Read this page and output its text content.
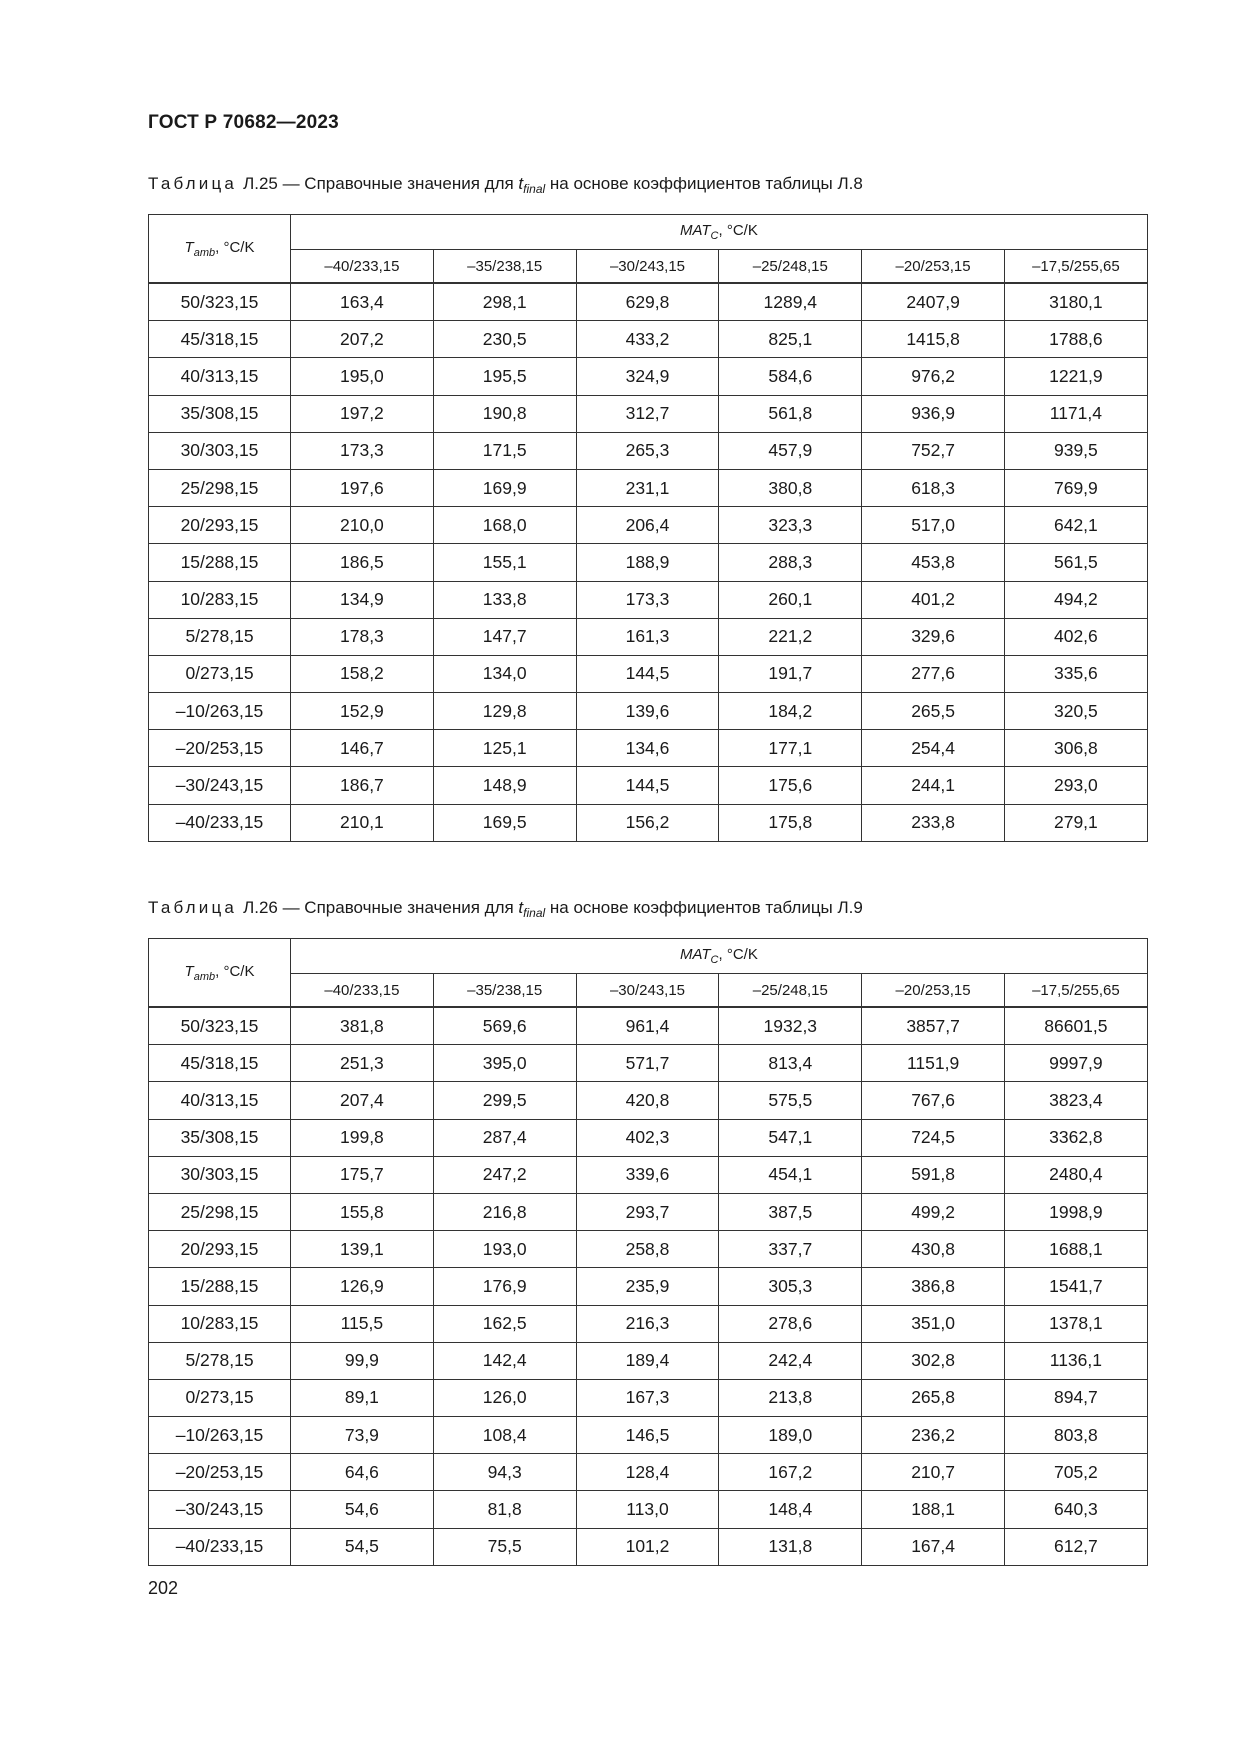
ГОСТ Р 70682—2023
Таблица Л.25 — Справочные значения для $t_{final}$ на основе коэффициентов таблицы Л.8
$T_{amb}$, °C/K	$MAT_C$, °C/K					
	–40/233,15	–35/238,15	–30/243,15	–25/248,15	–20/253,15	–17,5/255,65
50/323,15	163,4	298,1	629,8	1289,4	2407,9	3180,1
45/318,15	207,2	230,5	433,2	825,1	1415,8	1788,6
40/313,15	195,0	195,5	324,9	584,6	976,2	1221,9
35/308,15	197,2	190,8	312,7	561,8	936,9	1171,4
30/303,15	173,3	171,5	265,3	457,9	752,7	939,5
25/298,15	197,6	169,9	231,1	380,8	618,3	769,9
20/293,15	210,0	168,0	206,4	323,3	517,0	642,1
15/288,15	186,5	155,1	188,9	288,3	453,8	561,5
10/283,15	134,9	133,8	173,3	260,1	401,2	494,2
5/278,15	178,3	147,7	161,3	221,2	329,6	402,6
0/273,15	158,2	134,0	144,5	191,7	277,6	335,6
–10/263,15	152,9	129,8	139,6	184,2	265,5	320,5
–20/253,15	146,7	125,1	134,6	177,1	254,4	306,8
–30/243,15	186,7	148,9	144,5	175,6	244,1	293,0
–40/233,15	210,1	169,5	156,2	175,8	233,8	279,1
Таблица Л.26 — Справочные значения для $t_{final}$ на основе коэффициентов таблицы Л.9
$T_{amb}$, °C/K	$MAT_C$, °C/K					
	–40/233,15	–35/238,15	–30/243,15	–25/248,15	–20/253,15	–17,5/255,65
50/323,15	381,8	569,6	961,4	1932,3	3857,7	86601,5
45/318,15	251,3	395,0	571,7	813,4	1151,9	9997,9
40/313,15	207,4	299,5	420,8	575,5	767,6	3823,4
35/308,15	199,8	287,4	402,3	547,1	724,5	3362,8
30/303,15	175,7	247,2	339,6	454,1	591,8	2480,4
25/298,15	155,8	216,8	293,7	387,5	499,2	1998,9
20/293,15	139,1	193,0	258,8	337,7	430,8	1688,1
15/288,15	126,9	176,9	235,9	305,3	386,8	1541,7
10/283,15	115,5	162,5	216,3	278,6	351,0	1378,1
5/278,15	99,9	142,4	189,4	242,4	302,8	1136,1
0/273,15	89,1	126,0	167,3	213,8	265,8	894,7
–10/263,15	73,9	108,4	146,5	189,0	236,2	803,8
–20/253,15	64,6	94,3	128,4	167,2	210,7	705,2
–30/243,15	54,6	81,8	113,0	148,4	188,1	640,3
–40/233,15	54,5	75,5	101,2	131,8	167,4	612,7
202
